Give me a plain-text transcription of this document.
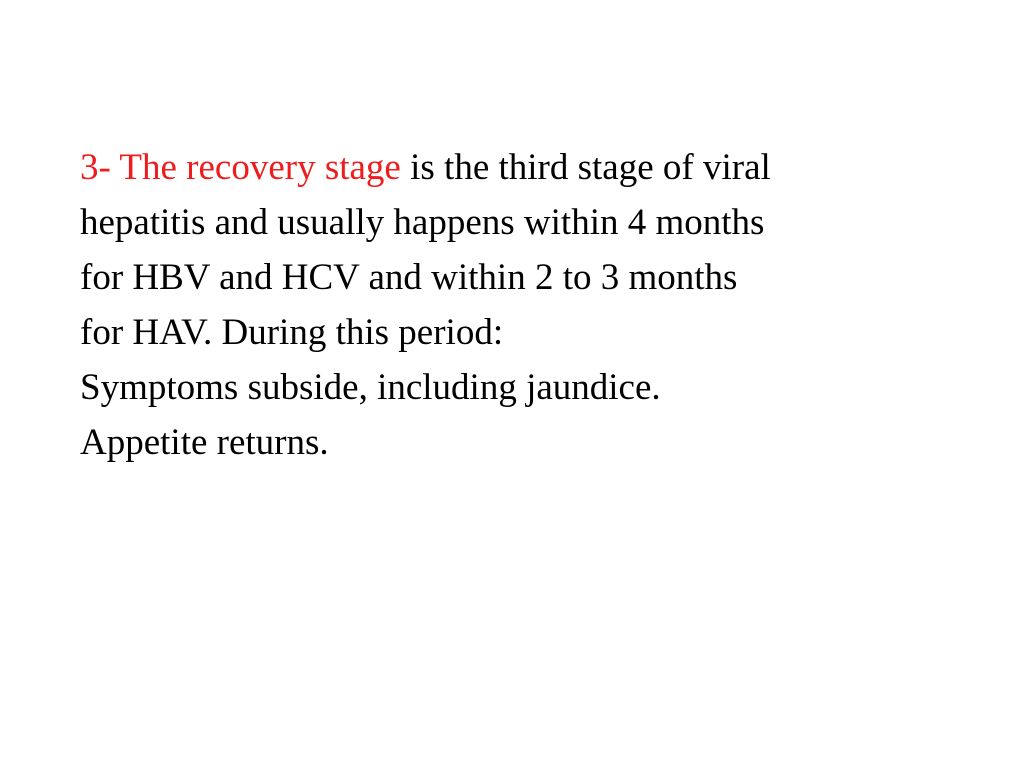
3- The recovery stage is the third stage of viral
hepatitis and usually happens within 4 months
for HBV and HCV and within 2 to 3 months
for HAV. During this period:
Symptoms subside, including jaundice.
Appetite returns.
